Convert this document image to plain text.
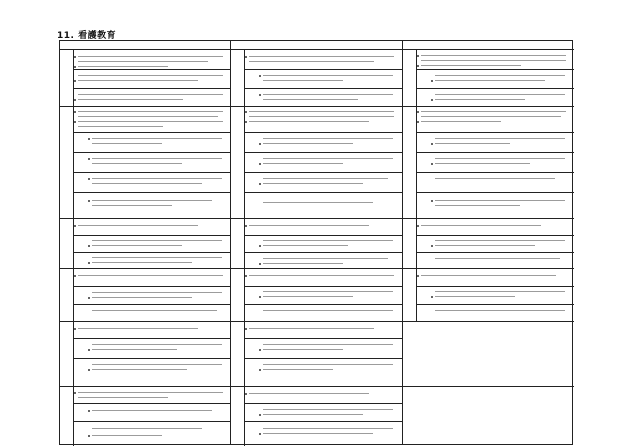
11. 看護教育
